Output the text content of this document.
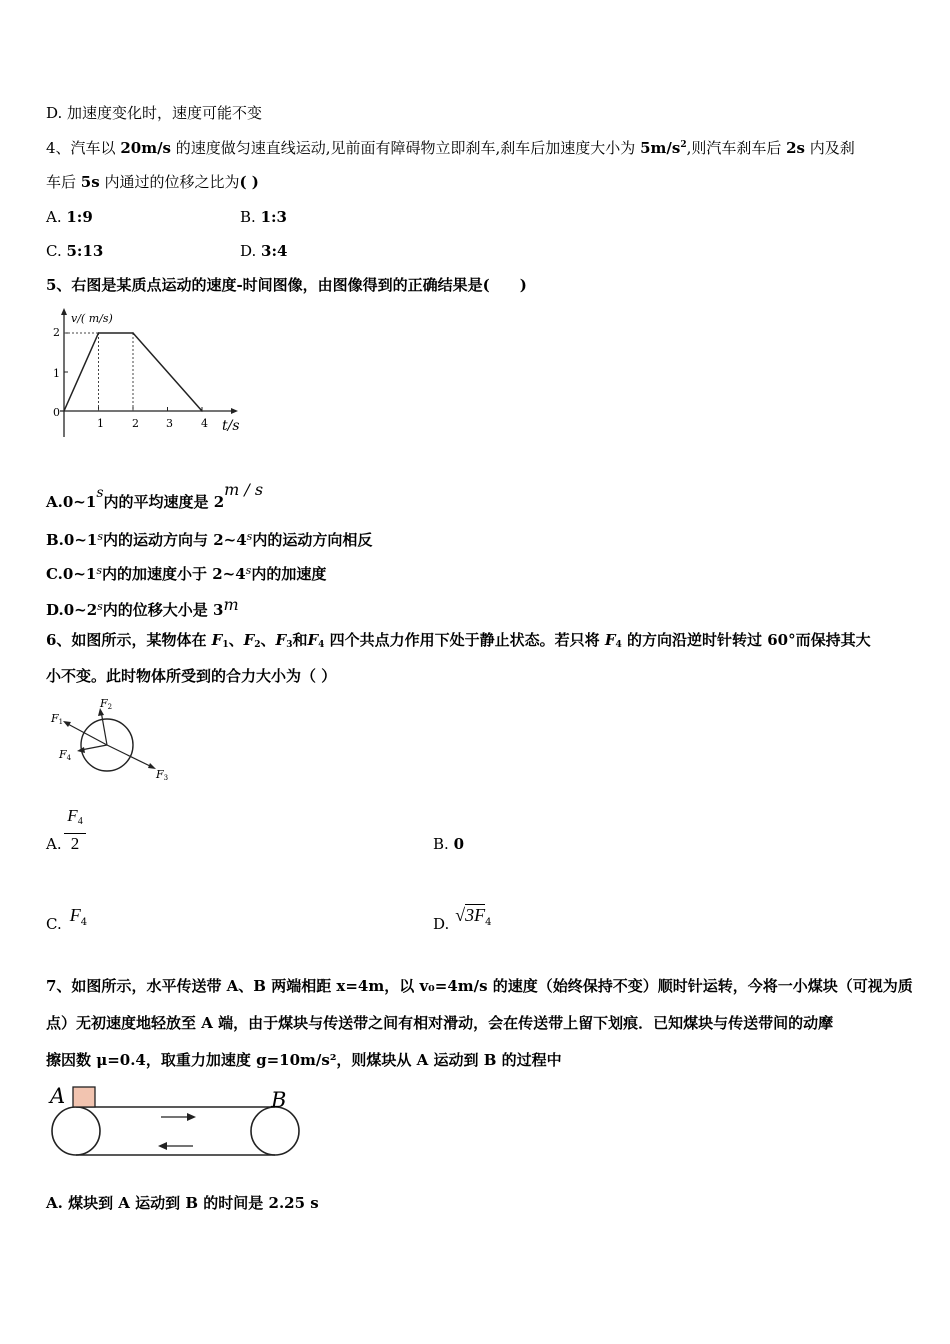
D. 加速度变化时，速度可能不变
4、汽车以 20m/s 的速度做匀速直线运动,见前面有障碍物立即刹车,刹车后加速度大小为 $5m/s^2$,则汽车刹车后 2s 内及刹
车后 5s 内通过的位移之比为( )
A. 1:9	B. 1:3
C. 5:13	D. 3:4
5、右图是某质点运动的速度-时间图像，由图像得到的正确结果是( )
v/( m/s)
t/s
2
1
0
1	2 3	4
A.0~1s内的平均速度是 2m / s
B.0~1$^s$内的运动方向与 2~4$^s$内的运动方向相反
C.0~1$^s$内的加速度小于 2~4$^s$内的加速度
D.0~2$^s$内的位移大小是 3m
6、如图所示，某物体在 $F_1$、$F_2$、$F_3$和$F_4$ 四个共点力作用下处于静止状态。若只将 $F_4$ 的方向沿逆时针转过 60°而保持其大
小不变。此时物体所受到的合力大小为（ ）
F1
F2
F4
F3
A. $\frac{F4}{2}$	B. 0
C. $F^4$	D. $√3F^4$
7、如图所示，水平传送带 A、B 两端相距 x=4m，以 v₀=4m/s 的速度（始终保持不变）顺时针运转，今将一小煤块（可视为质
点）无初速度地轻放至 A 端，由于煤块与传送带之间有相对滑动，会在传送带上留下划痕．已知煤块与传送带间的动摩
擦因数 μ=0.4，取重力加速度 g=10m/s²，则煤块从 A 运动到 B 的过程中
A	B
A. 煤块到 A 运动到 B 的时间是 2.25 s
